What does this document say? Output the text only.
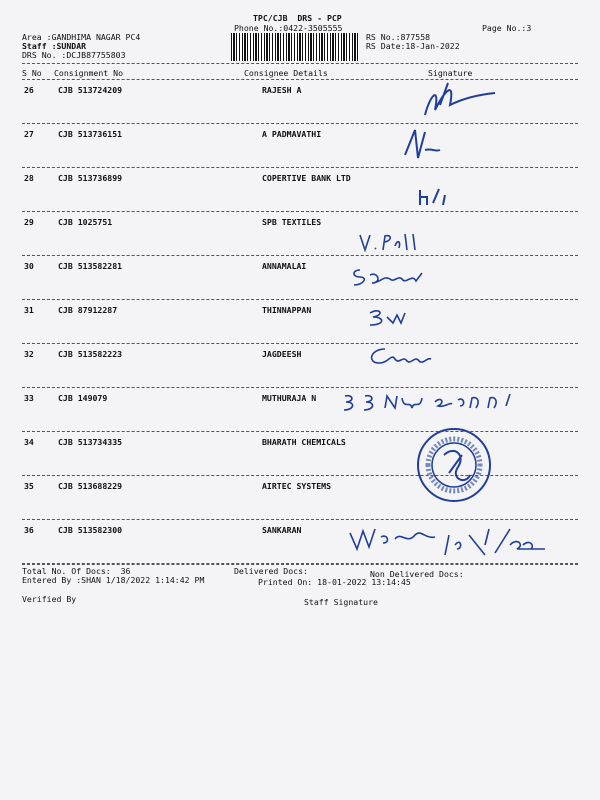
TPC/CJB  DRS - PCP
Phone No.:0422-3505555	Page No.:3
Area :GANDHIMA NAGAR PC4
Staff :SUNDAR
DRS No. :DCJB87755803
RS No.:877558
RS Date:18-Jan-2022
S No Consignment No	Consignee Details	Signature
26	CJB 513724209	RAJESH A
27	CJB 513736151	A PADMAVATHI
28	CJB 513736899	COPERTIVE BANK LTD
29	CJB 1025751	SPB TEXTILES
30	CJB 513582281	ANNAMALAI
31	CJB 87912287	THINNAPPAN
32	CJB 513582223	JAGDEESH
33	CJB 149079	MUTHURAJA N
34	CJB 513734335	BHARATH CHEMICALS
35	CJB 513688229	AIRTEC SYSTEMS
36	CJB 513582300	SANKARAN
Total No. Of Docs:  36	Delivered Docs:	Non Delivered Docs:
Entered By :SHAN 1/18/2022 1:14:42 PM	Printed On: 18-01-2022 13:14:45
Verified By	Staff Signature
